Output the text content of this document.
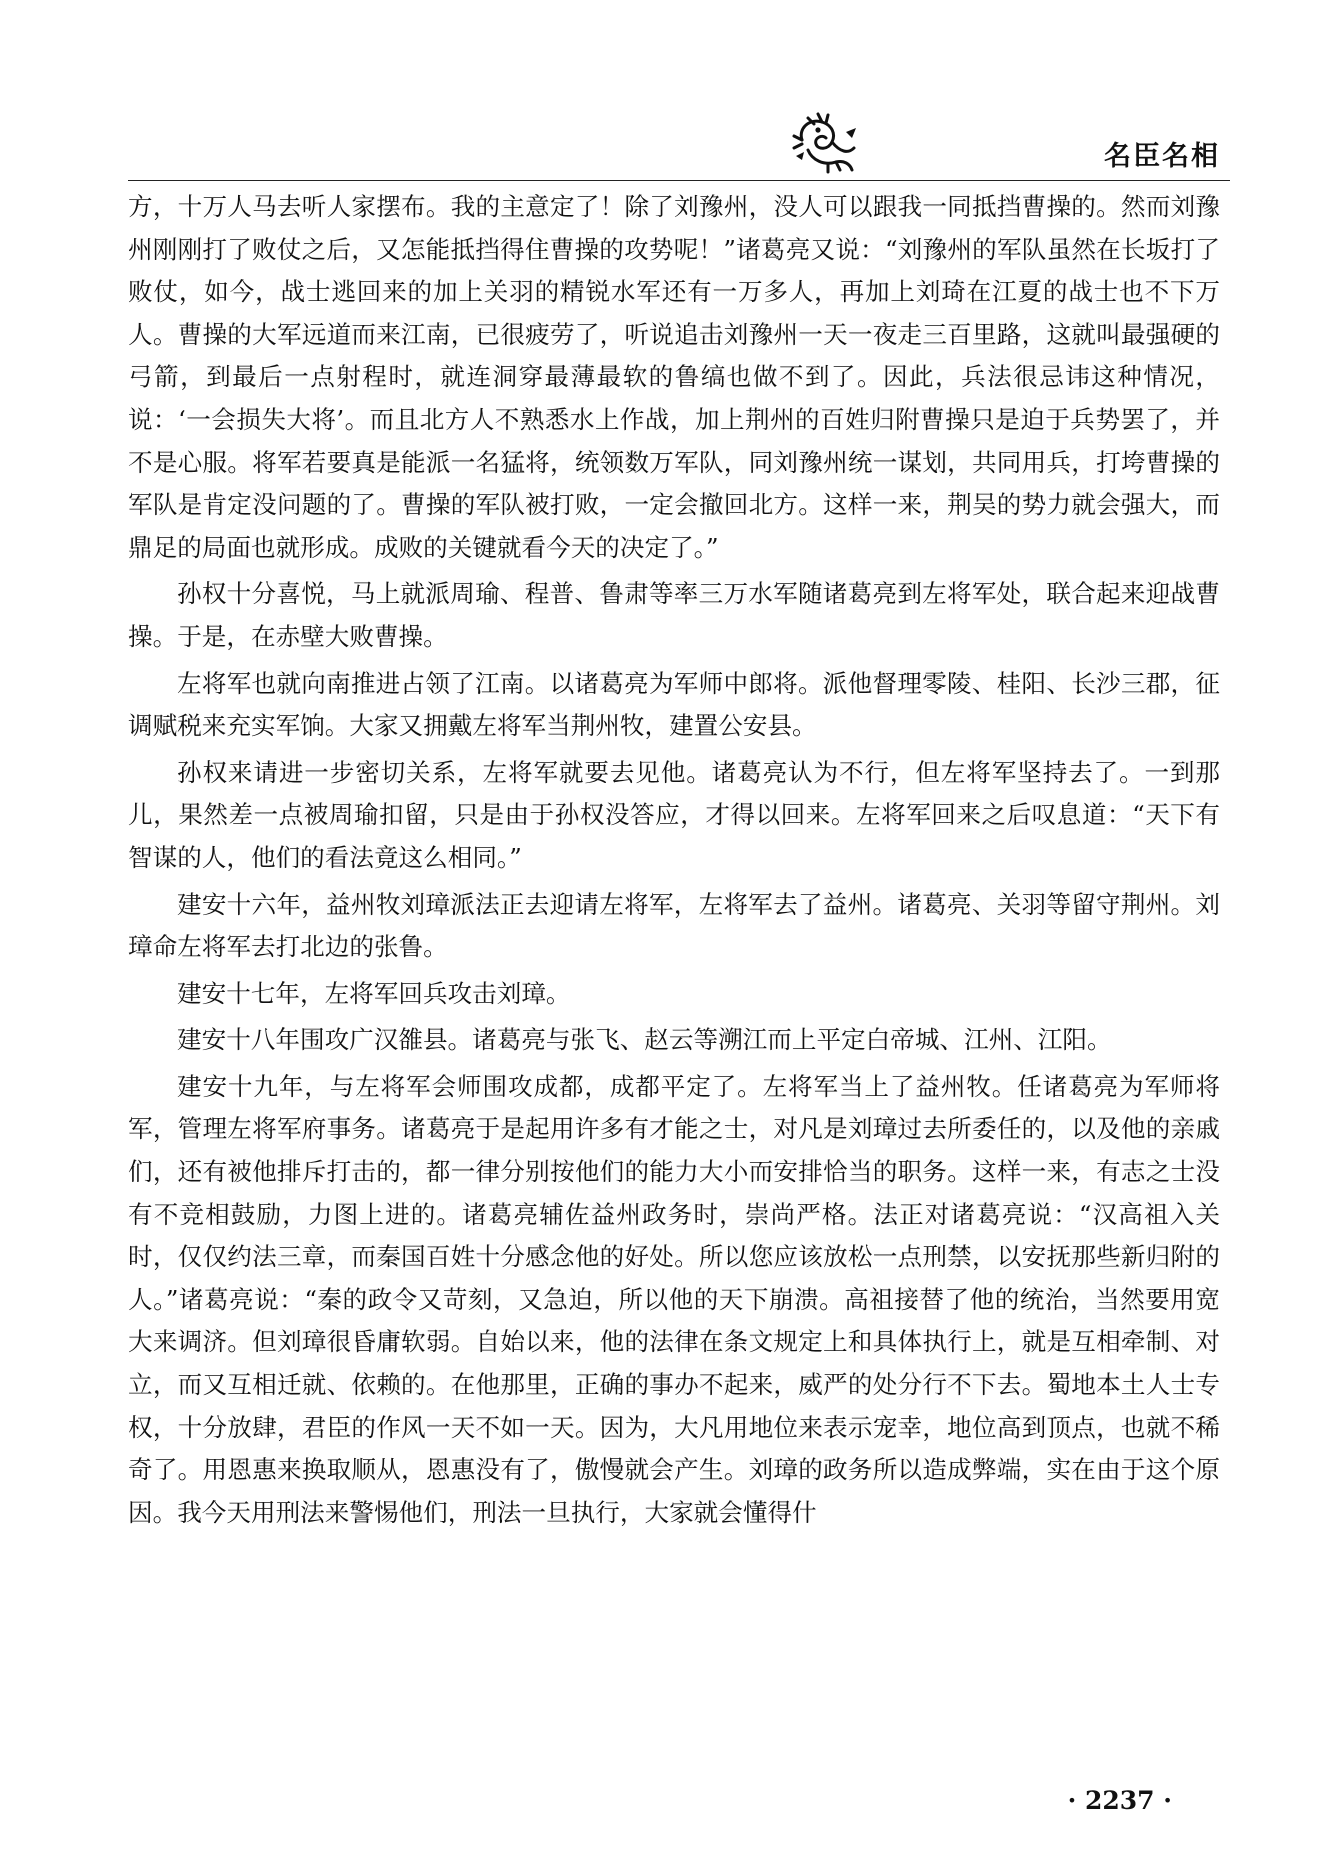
名臣名相

方，十万人马去听人家摆布。我的主意定了！除了刘豫州，没人可以跟我一同抵挡曹操的。然而刘豫州刚刚打了败仗之后，又怎能抵挡得住曹操的攻势呢！”诸葛亮又说：“刘豫州的军队虽然在长坂打了败仗，如今，战士逃回来的加上关羽的精锐水军还有一万多人，再加上刘琦在江夏的战士也不下万人。曹操的大军远道而来江南，已很疲劳了，听说追击刘豫州一天一夜走三百里路，这就叫最强硬的弓箭，到最后一点射程时，就连洞穿最薄最软的鲁缟也做不到了。因此，兵法很忌讳这种情况，说：‘一会损失大将’。而且北方人不熟悉水上作战，加上荆州的百姓归附曹操只是迫于兵势罢了，并不是心服。将军若要真是能派一名猛将，统领数万军队，同刘豫州统一谋划，共同用兵，打垮曹操的军队是肯定没问题的了。曹操的军队被打败，一定会撤回北方。这样一来，荆吴的势力就会强大，而鼎足的局面也就形成。成败的关键就看今天的决定了。”

孙权十分喜悦，马上就派周瑜、程普、鲁肃等率三万水军随诸葛亮到左将军处，联合起来迎战曹操。于是，在赤壁大败曹操。

左将军也就向南推进占领了江南。以诸葛亮为军师中郎将。派他督理零陵、桂阳、长沙三郡，征调赋税来充实军饷。大家又拥戴左将军当荆州牧，建置公安县。

孙权来请进一步密切关系，左将军就要去见他。诸葛亮认为不行，但左将军坚持去了。一到那儿，果然差一点被周瑜扣留，只是由于孙权没答应，才得以回来。左将军回来之后叹息道：“天下有智谋的人，他们的看法竟这么相同。”

建安十六年，益州牧刘璋派法正去迎请左将军，左将军去了益州。诸葛亮、关羽等留守荆州。刘璋命左将军去打北边的张鲁。

建安十七年，左将军回兵攻击刘璋。

建安十八年围攻广汉雒县。诸葛亮与张飞、赵云等溯江而上平定白帝城、江州、江阳。

建安十九年，与左将军会师围攻成都，成都平定了。左将军当上了益州牧。任诸葛亮为军师将军，管理左将军府事务。诸葛亮于是起用许多有才能之士，对凡是刘璋过去所委任的，以及他的亲戚们，还有被他排斥打击的，都一律分别按他们的能力大小而安排恰当的职务。这样一来，有志之士没有不竞相鼓励，力图上进的。诸葛亮辅佐益州政务时，崇尚严格。法正对诸葛亮说：“汉高祖入关时，仅仅约法三章，而秦国百姓十分感念他的好处。所以您应该放松一点刑禁，以安抚那些新归附的人。”诸葛亮说：“秦的政令又苛刻，又急迫，所以他的天下崩溃。高祖接替了他的统治，当然要用宽大来调济。但刘璋很昏庸软弱。自始以来，他的法律在条文规定上和具体执行上，就是互相牵制、对立，而又互相迁就、依赖的。在他那里，正确的事办不起来，威严的处分行不下去。蜀地本土人士专权，十分放肆，君臣的作风一天不如一天。因为，大凡用地位来表示宠幸，地位高到顶点，也就不稀奇了。用恩惠来换取顺从，恩惠没有了，傲慢就会产生。刘璋的政务所以造成弊端，实在由于这个原因。我今天用刑法来警惕他们，刑法一旦执行，大家就会懂得什

· 2237 ·
